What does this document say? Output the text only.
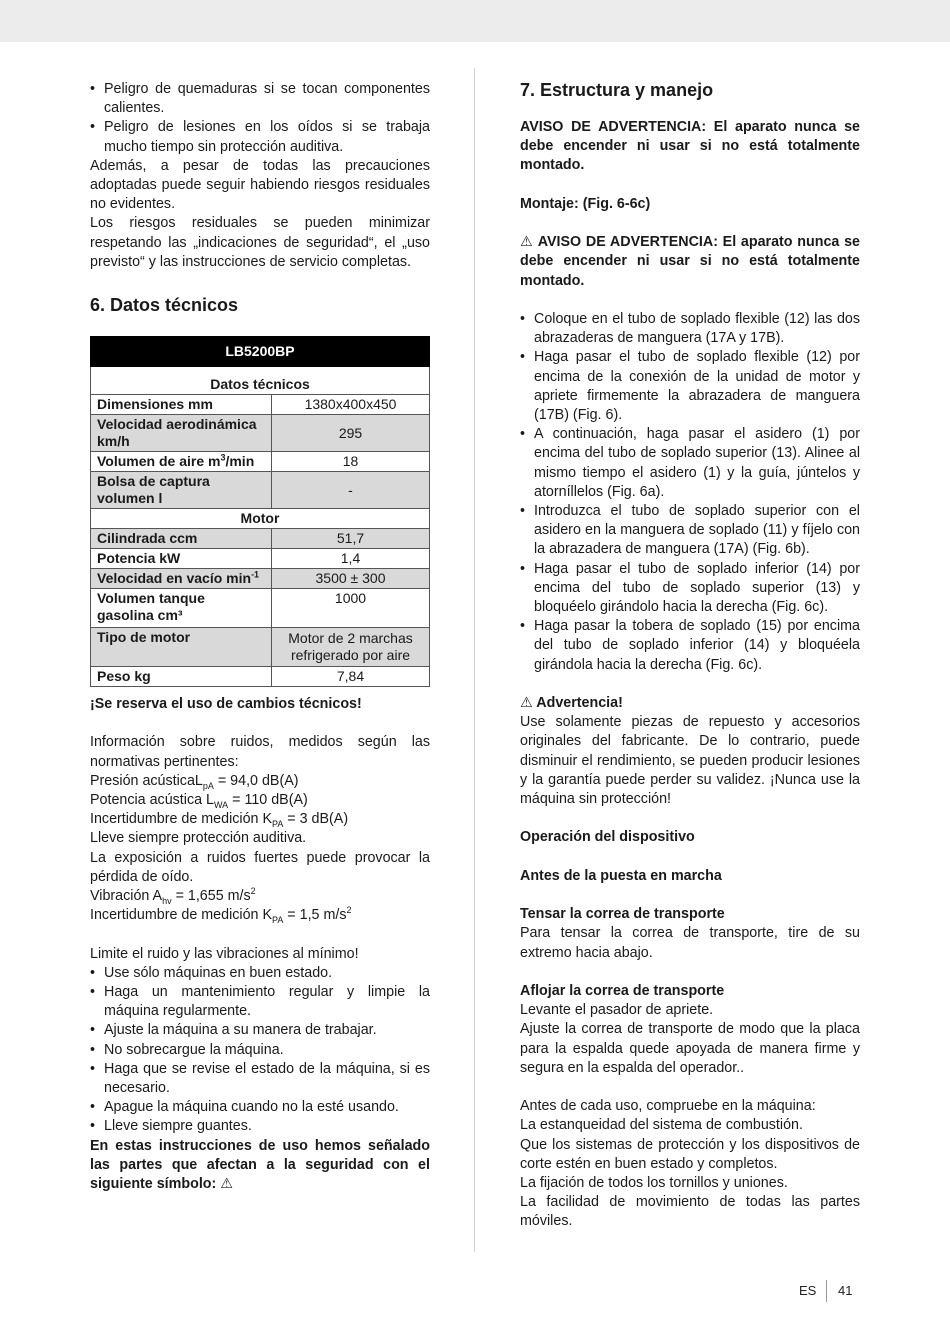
• Peligro de quemaduras si se tocan componentes calientes.
• Peligro de lesiones en los oídos si se trabaja mucho tiempo sin protección auditiva.

Además, a pesar de todas las precauciones adoptadas puede seguir habiendo riesgos residuales no evidentes.

Los riesgos residuales se pueden minimizar respetando las „indicaciones de seguridad“, el „uso previsto“ y las instrucciones de servicio completas.

6. Datos técnicos
LB5200BP	
Datos técnicos	
Dimensiones mm	1380x400x450
Velocidad aerodinámica km/h	295
Volumen de aire $m^3/\min$	18
Bolsa de captura volumen l	-
Motor	
Cilindrada ccm	51,7
Potencia kW	1,4
Velocidad en vacío $\min^{-1}$	3500 ± 300
Volumen tanque gasolina cm³	1000
Tipo de motor	Motor de 2 marchas refrigerado por aire
Peso kg	7,84

¡Se reserva el uso de cambios técnicos!

Información sobre ruidos, medidos según las normativas pertinentes:

Presión acústicaL$_{pA}$ = 94,0 dB(A)

Potencia acústica $L_{WA} = 110$ dB(A)

Incertidumbre de medición $K_{PA} = 3$ dB(A)

Lleve siempre protección auditiva.

La exposición a ruidos fuertes puede provocar la pérdida de oído.

Vibración $A_{hv} = 1,655$ $m/s^2$

Incertidumbre de medición $K_{PA} = 1,5$ $m/s^2$

Limite el ruido y las vibraciones al mínimo!

• Use sólo máquinas en buen estado.
• Haga un mantenimiento regular y limpie la máquina regularmente.
• Ajuste la máquina a su manera de trabajar.
• No sobrecargue la máquina.
• Haga que se revise el estado de la máquina, si es necesario.
• Apague la máquina cuando no la esté usando.
• Lleve siempre guantes.

En estas instrucciones de uso hemos señalado las partes que afectan a la seguridad con el siguiente símbolo: ⚠

7. Estructura y manejo

AVISO DE ADVERTENCIA: El aparato nunca se debe encender ni usar si no está totalmente montado.

Montaje: (Fig. 6-6c)

⚠ AVISO DE ADVERTENCIA: El aparato nunca se debe encender ni usar si no está totalmente montado.

• Coloque en el tubo de soplado flexible (12) las dos abrazaderas de manguera (17A y 17B).
• Haga pasar el tubo de soplado flexible (12) por encima de la conexión de la unidad de motor y apriete firmemente la abrazadera de manguera (17B) (Fig. 6).
• A continuación, haga pasar el asidero (1) por encima del tubo de soplado superior (13). Alinee al mismo tiempo el asidero (1) y la guía, júntelos y atorníllelos (Fig. 6a).
• Introduzca el tubo de soplado superior con el asidero en la manguera de soplado (11) y fíjelo con la abrazadera de manguera (17A) (Fig. 6b).
• Haga pasar el tubo de soplado inferior (14) por encima del tubo de soplado superior (13) y bloquéelo girándolo hacia la derecha (Fig. 6c).
• Haga pasar la tobera de soplado (15) por encima del tubo de soplado inferior (14) y bloquéela girándola hacia la derecha (Fig. 6c).

⚠ Advertencia!

Use solamente piezas de repuesto y accesorios originales del fabricante. De lo contrario, puede disminuir el rendimiento, se pueden producir lesiones y la garantía puede perder su validez. ¡Nunca use la máquina sin protección!

Operación del dispositivo

Antes de la puesta en marcha

Tensar la correa de transporte

Para tensar la correa de transporte, tire de su extremo hacia abajo.

Aflojar la correa de transporte

Levante el pasador de apriete.

Ajuste la correa de transporte de modo que la placa para la espalda quede apoyada de manera firme y segura en la espalda del operador..

Antes de cada uso, compruebe en la máquina:

La estanqueidad del sistema de combustión.

Que los sistemas de protección y los dispositivos de corte estén en buen estado y completos.

La fijación de todos los tornillos y uniones.

La facilidad de movimiento de todas las partes móviles.

ES 41
